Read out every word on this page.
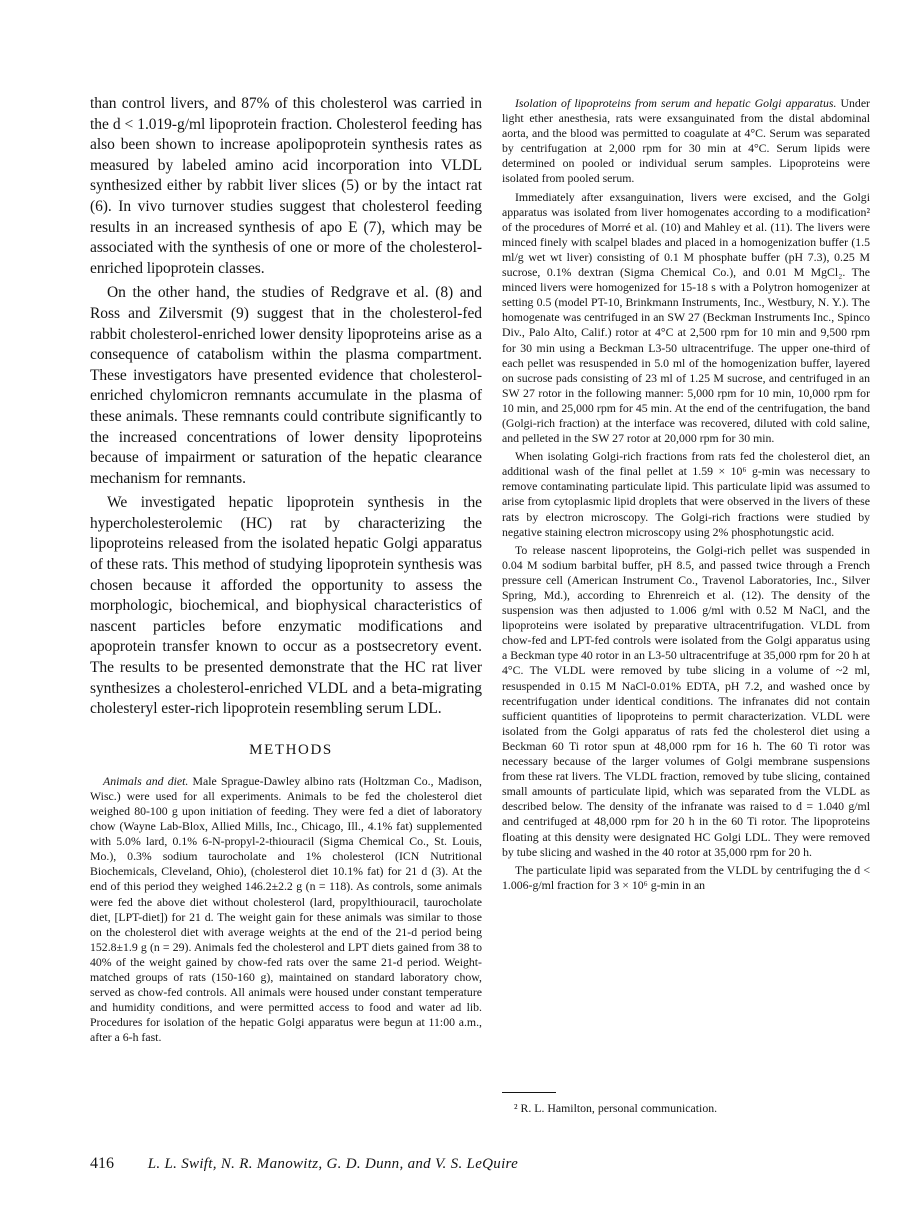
than control livers, and 87% of this cholesterol was carried in the d < 1.019-g/ml lipoprotein fraction. Cholesterol feeding has also been shown to increase apolipoprotein synthesis rates as measured by labeled amino acid incorporation into VLDL synthesized either by rabbit liver slices (5) or by the intact rat (6). In vivo turnover studies suggest that cholesterol feeding results in an increased synthesis of apo E (7), which may be associated with the synthesis of one or more of the cholesterol-enriched lipoprotein classes.

On the other hand, the studies of Redgrave et al. (8) and Ross and Zilversmit (9) suggest that in the cholesterol-fed rabbit cholesterol-enriched lower density lipoproteins arise as a consequence of catabolism within the plasma compartment. These investigators have presented evidence that cholesterol-enriched chylomicron remnants accumulate in the plasma of these animals. These remnants could contribute significantly to the increased concentrations of lower density lipoproteins because of impairment or saturation of the hepatic clearance mechanism for remnants.

We investigated hepatic lipoprotein synthesis in the hypercholesterolemic (HC) rat by characterizing the lipoproteins released from the isolated hepatic Golgi apparatus of these rats. This method of studying lipoprotein synthesis was chosen because it afforded the opportunity to assess the morphologic, biochemical, and biophysical characteristics of nascent particles before enzymatic modifications and apoprotein transfer known to occur as a postsecretory event. The results to be presented demonstrate that the HC rat liver synthesizes a cholesterol-enriched VLDL and a beta-migrating cholesteryl ester-rich lipoprotein resembling serum LDL.

METHODS

Animals and diet. Male Sprague-Dawley albino rats (Holtzman Co., Madison, Wisc.) were used for all experiments. Animals to be fed the cholesterol diet weighed 80-100 g upon initiation of feeding. They were fed a diet of laboratory chow (Wayne Lab-Blox, Allied Mills, Inc., Chicago, Ill., 4.1% fat) supplemented with 5.0% lard, 0.1% 6-N-propyl-2-thiouracil (Sigma Chemical Co., St. Louis, Mo.), 0.3% sodium taurocholate and 1% cholesterol (ICN Nutritional Biochemicals, Cleveland, Ohio), (cholesterol diet 10.1% fat) for 21 d (3). At the end of this period they weighed 146.2±2.2 g (n = 118). As controls, some animals were fed the above diet without cholesterol (lard, propylthiouracil, taurocholate diet, [LPT-diet]) for 21 d. The weight gain for these animals was similar to those on the cholesterol diet with average weights at the end of the 21-d period being 152.8±1.9 g (n = 29). Animals fed the cholesterol and LPT diets gained from 38 to 40% of the weight gained by chow-fed rats over the same 21-d period. Weight-matched groups of rats (150-160 g), maintained on standard laboratory chow, served as chow-fed controls. All animals were housed under constant temperature and humidity conditions, and were permitted access to food and water ad lib. Procedures for isolation of the hepatic Golgi apparatus were begun at 11:00 a.m., after a 6-h fast.

Isolation of lipoproteins from serum and hepatic Golgi apparatus. Under light ether anesthesia, rats were exsanguinated from the distal abdominal aorta, and the blood was permitted to coagulate at 4°C. Serum was separated by centrifugation at 2,000 rpm for 30 min at 4°C. Serum lipids were determined on pooled or individual serum samples. Lipoproteins were isolated from pooled serum.

Immediately after exsanguination, livers were excised, and the Golgi apparatus was isolated from liver homogenates according to a modification² of the procedures of Morré et al. (10) and Mahley et al. (11). The livers were minced finely with scalpel blades and placed in a homogenization buffer (1.5 ml/g wet wt liver) consisting of 0.1 M phosphate buffer (pH 7.3), 0.25 M sucrose, 0.1% dextran (Sigma Chemical Co.), and 0.01 M MgCl₂. The minced livers were homogenized for 15-18 s with a Polytron homogenizer at setting 0.5 (model PT-10, Brinkmann Instruments, Inc., Westbury, N. Y.). The homogenate was centrifuged in an SW 27 (Beckman Instruments Inc., Spinco Div., Palo Alto, Calif.) rotor at 4°C at 2,500 rpm for 10 min and 9,500 rpm for 30 min using a Beckman L3-50 ultracentrifuge. The upper one-third of each pellet was resuspended in 5.0 ml of the homogenization buffer, layered on sucrose pads consisting of 23 ml of 1.25 M sucrose, and centrifuged in an SW 27 rotor in the following manner: 5,000 rpm for 10 min, 10,000 rpm for 10 min, and 25,000 rpm for 45 min. At the end of the centrifugation, the band (Golgi-rich fraction) at the interface was recovered, diluted with cold saline, and pelleted in the SW 27 rotor at 20,000 rpm for 30 min.

When isolating Golgi-rich fractions from rats fed the cholesterol diet, an additional wash of the final pellet at 1.59 × 10⁶ g-min was necessary to remove contaminating particulate lipid. This particulate lipid was assumed to arise from cytoplasmic lipid droplets that were observed in the livers of these rats by electron microscopy. The Golgi-rich fractions were studied by negative staining electron microscopy using 2% phosphotungstic acid.

To release nascent lipoproteins, the Golgi-rich pellet was suspended in 0.04 M sodium barbital buffer, pH 8.5, and passed twice through a French pressure cell (American Instrument Co., Travenol Laboratories, Inc., Silver Spring, Md.), according to Ehrenreich et al. (12). The density of the suspension was then adjusted to 1.006 g/ml with 0.52 M NaCl, and the lipoproteins were isolated by preparative ultracentrifugation. VLDL from chow-fed and LPT-fed controls were isolated from the Golgi apparatus using a Beckman type 40 rotor in an L3-50 ultracentrifuge at 35,000 rpm for 20 h at 4°C. The VLDL were removed by tube slicing in a volume of ~2 ml, resuspended in 0.15 M NaCl-0.01% EDTA, pH 7.2, and washed once by recentrifugation under identical conditions. The infranates did not contain sufficient quantities of lipoproteins to permit characterization. VLDL were isolated from the Golgi apparatus of rats fed the cholesterol diet using a Beckman 60 Ti rotor spun at 48,000 rpm for 16 h. The 60 Ti rotor was necessary because of the larger volumes of Golgi membrane suspensions from these rat livers. The VLDL fraction, removed by tube slicing, contained small amounts of particulate lipid, which was separated from the VLDL as described below. The density of the infranate was raised to d = 1.040 g/ml and centrifuged at 48,000 rpm for 20 h in the 60 Ti rotor. The lipoproteins floating at this density were designated HC Golgi LDL. They were removed by tube slicing and washed in the 40 rotor at 35,000 rpm for 20 h.

The particulate lipid was separated from the VLDL by centrifuging the d < 1.006-g/ml fraction for 3 × 10⁶ g-min in an

² R. L. Hamilton, personal communication.
416 L. L. Swift, N. R. Manowitz, G. D. Dunn, and V. S. LeQuire
